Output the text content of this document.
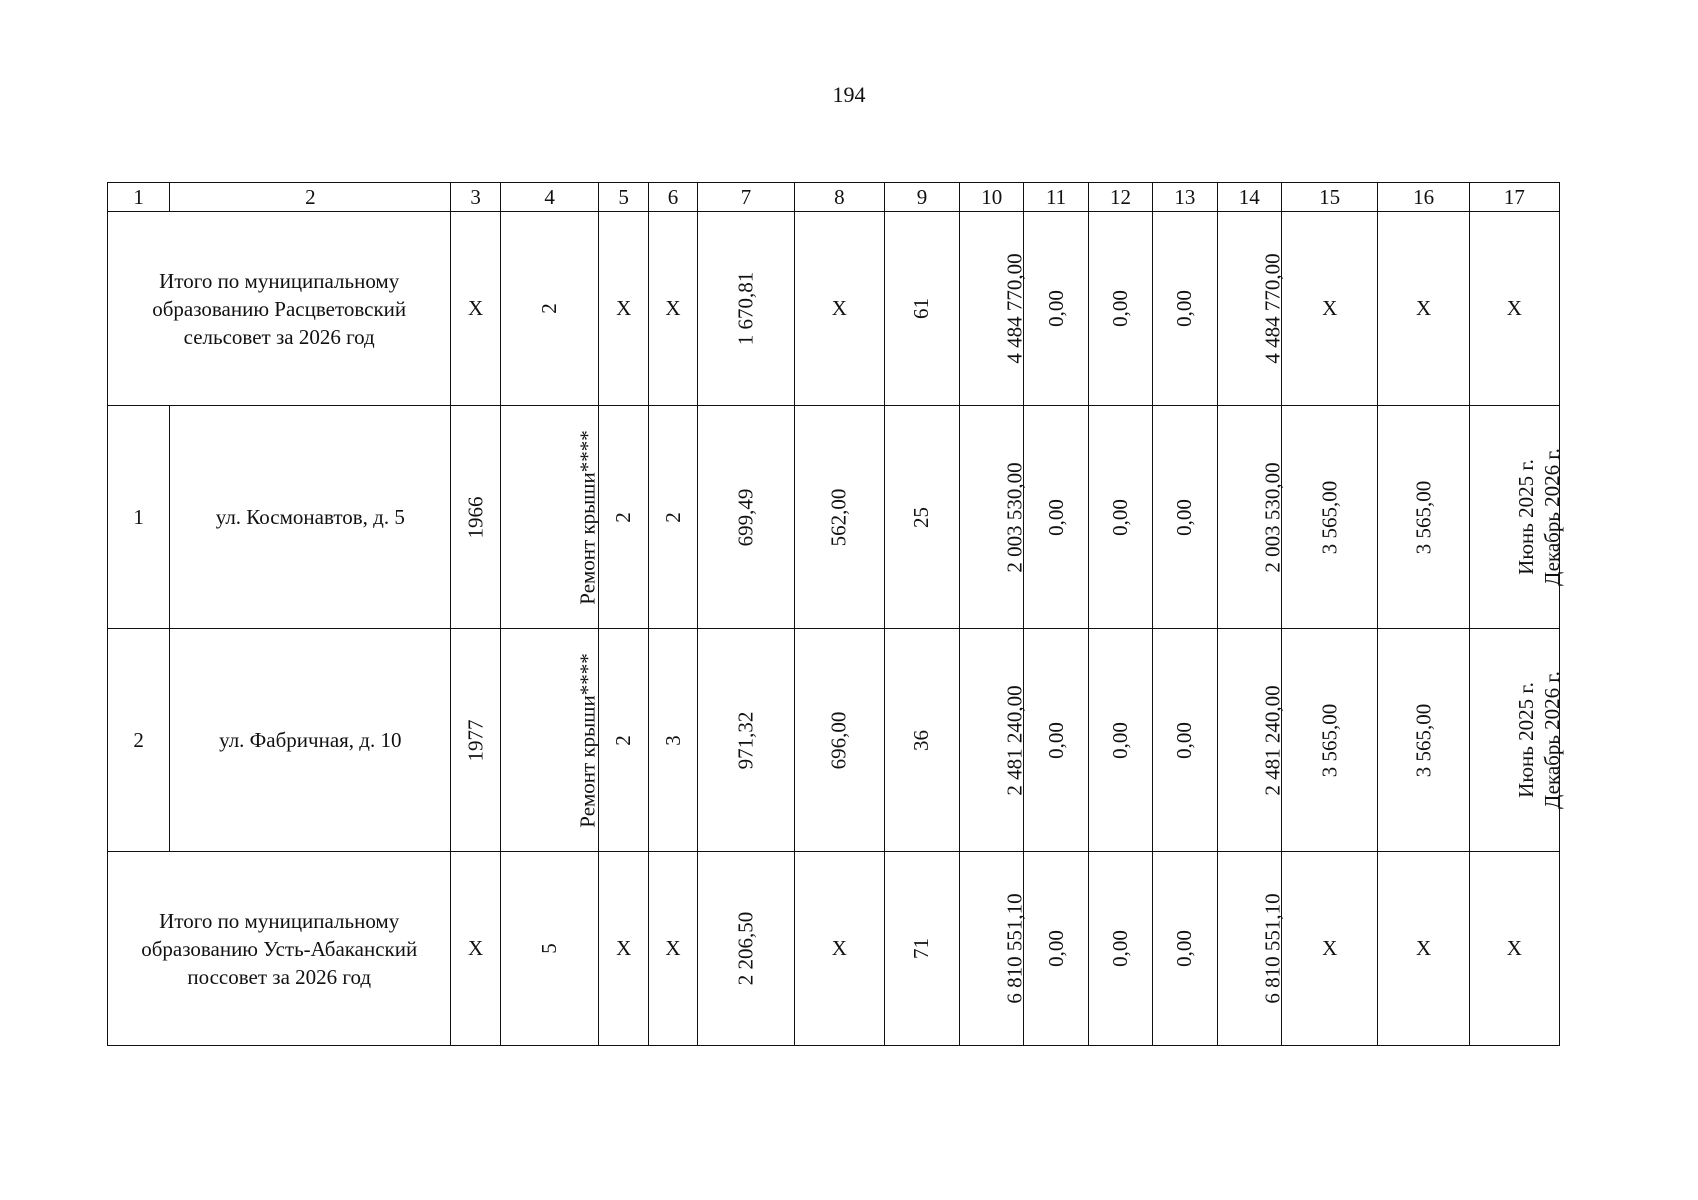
194
1	2	3	4	5	6	7	8	9	10	11	12	13	14	15	16	17
Итого по муниципальному образованию Расцветовский сельсовет за 2026 год		Х	2	Х	Х	1 670,81	Х	61	4 484 770,00	0,00	0,00	0,00	4 484 770,00	Х	Х	Х
1	ул. Космонавтов, д. 5	1966	Ремонт крыши****	2	2	699,49	562,00	25	2 003 530,00	0,00	0,00	0,00	2 003 530,00	3 565,00	3 565,00	Июнь 2025 г. Декабрь 2026 г.

2	ул. Фабричная, д. 10	1977	Ремонт крыши****	2	3	971,32	696,00	36	2 481 240,00	0,00	0,00	0,00	2 481 240,00	3 565,00	3 565,00	Июнь 2025 г. Декабрь 2026 г.

Итого по муниципальному образованию Усть-Абаканский поссовет за 2026 год		Х	5	Х	Х	2 206,50	Х	71	6 810 551,10	0,00	0,00	0,00	6 810 551,10	Х	Х	Х
